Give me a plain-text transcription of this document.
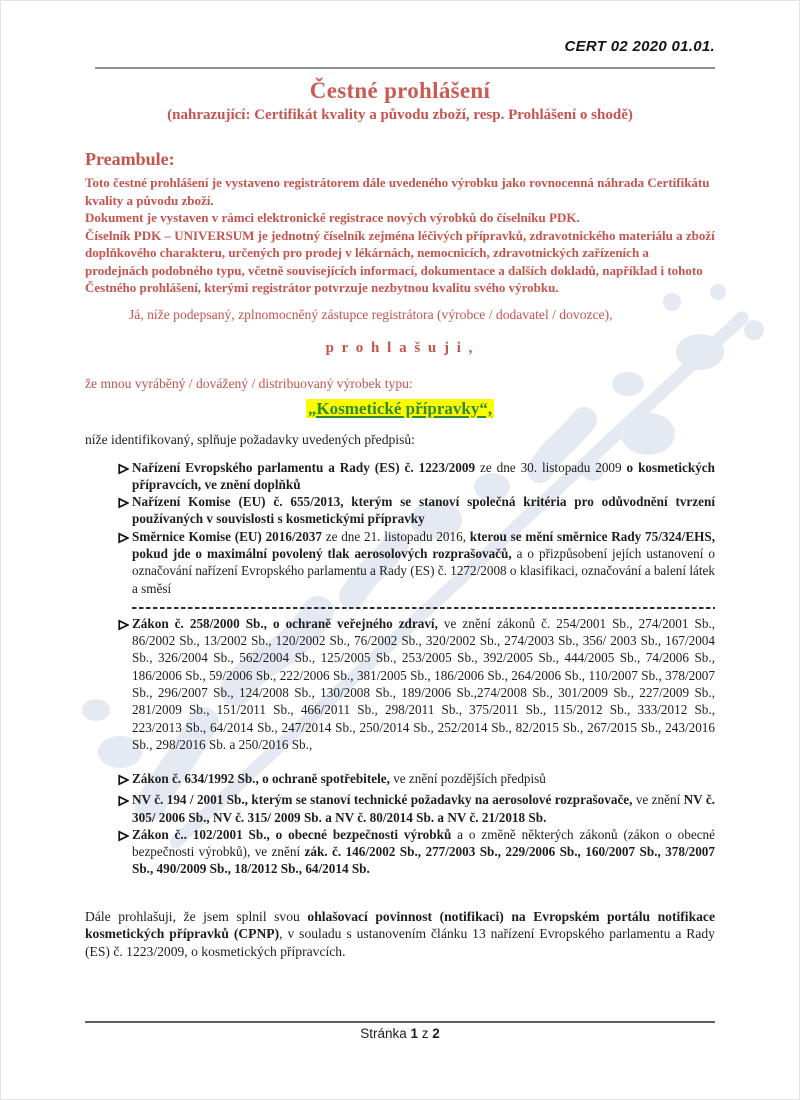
CERT 02 2020 01.01.
Čestné prohlášení
(nahrazující: Certifikát kvality a původu zboží, resp. Prohlášení o shodě)
Preambule:
Toto čestné prohlášení je vystaveno registrátorem dále uvedeného výrobku jako rovnocenná náhrada Certifikátu kvality a původu zboží.
Dokument je vystaven v rámci elektronické registrace nových výrobků do číselníku PDK.
Číselník PDK – UNIVERSUM je jednotný číselník zejména léčivých přípravků, zdravotnického materiálu a zboží doplňkového charakteru, určených pro prodej v lékárnách, nemocnicích, zdravotnických zařízeních a prodejnách podobného typu, včetně souvisejících informací, dokumentace a dalších dokladů, například i tohoto Čestného prohlášení, kterými registrátor potvrzuje nezbytnou kvalitu svého výrobku.
Já, níže podepsaný, zplnomocněný zástupce registrátora (výrobce / dodavatel / dovozce),
p r o h l a š u j i ,
že mnou vyráběný / dovážený / distribuovaný výrobek typu:
„Kosmetické přípravky“,
níže identifikovaný, splňuje požadavky uvedených předpisů:
Nařízení Evropského parlamentu a Rady (ES) č. 1223/2009 ze dne 30. listopadu 2009 o kosmetických přípravcích, ve znění doplňků
Nařízení Komise (EU) č. 655/2013, kterým se stanoví společná kritéria pro odůvodnění tvrzení používaných v souvislosti s kosmetickými přípravky
Směrnice Komise (EU) 2016/2037 ze dne 21. listopadu 2016, kterou se mění směrnice Rady 75/324/EHS, pokud jde o maximální povolený tlak aerosolových rozprašovačů, a o přizpůsobení jejích ustanovení o označování nařízení Evropského parlamentu a Rady (ES) č. 1272/2008 o klasifikaci, označování a balení látek a směsí
Zákon č. 258/2000 Sb., o ochraně veřejného zdraví, ve znění zákonů č. 254/2001 Sb., 274/2001 Sb., 86/2002 Sb., 13/2002 Sb., 120/2002 Sb., 76/2002 Sb., 320/2002 Sb., 274/2003 Sb., 356/ 2003 Sb., 167/2004 Sb., 326/2004 Sb., 562/2004 Sb., 125/2005 Sb., 253/2005 Sb., 392/2005 Sb., 444/2005 Sb., 74/2006 Sb., 186/2006 Sb., 59/2006 Sb., 222/2006 Sb., 381/2005 Sb., 186/2006 Sb., 264/2006 Sb., 110/2007 Sb., 378/2007 Sb., 296/2007 Sb., 124/2008 Sb., 130/2008 Sb., 189/2006 Sb.,274/2008 Sb., 301/2009 Sb., 227/2009 Sb., 281/2009 Sb., 151/2011 Sb., 466/2011 Sb., 298/2011 Sb., 375/2011 Sb., 115/2012 Sb., 333/2012 Sb., 223/2013 Sb., 64/2014 Sb., 247/2014 Sb., 250/2014 Sb., 252/2014 Sb., 82/2015 Sb., 267/2015 Sb., 243/2016 Sb., 298/2016 Sb. a 250/2016 Sb.,
Zákon č. 634/1992 Sb., o ochraně spotřebitele, ve znění pozdějších předpisů
NV č. 194 / 2001 Sb., kterým se stanoví technické požadavky na aerosolové rozprašovače, ve znění NV č. 305/ 2006 Sb., NV č. 315/ 2009 Sb. a NV č. 80/2014 Sb. a NV č. 21/2018 Sb.
Zákon č.. 102/2001 Sb., o obecné bezpečnosti výrobků a o změně některých zákonů (zákon o obecné bezpečnosti výrobků), ve znění zák. č. 146/2002 Sb., 277/2003 Sb., 229/2006 Sb., 160/2007 Sb., 378/2007 Sb., 490/2009 Sb., 18/2012 Sb., 64/2014 Sb.
Dále prohlašuji, že jsem splnil svou ohlašovací povinnost (notifikaci) na Evropském portálu notifikace kosmetických přípravků (CPNP), v souladu s ustanovením článku 13 nařízení Evropského parlamentu a Rady (ES) č. 1223/2009, o kosmetických přípravcích.
Stránka 1 z 2
